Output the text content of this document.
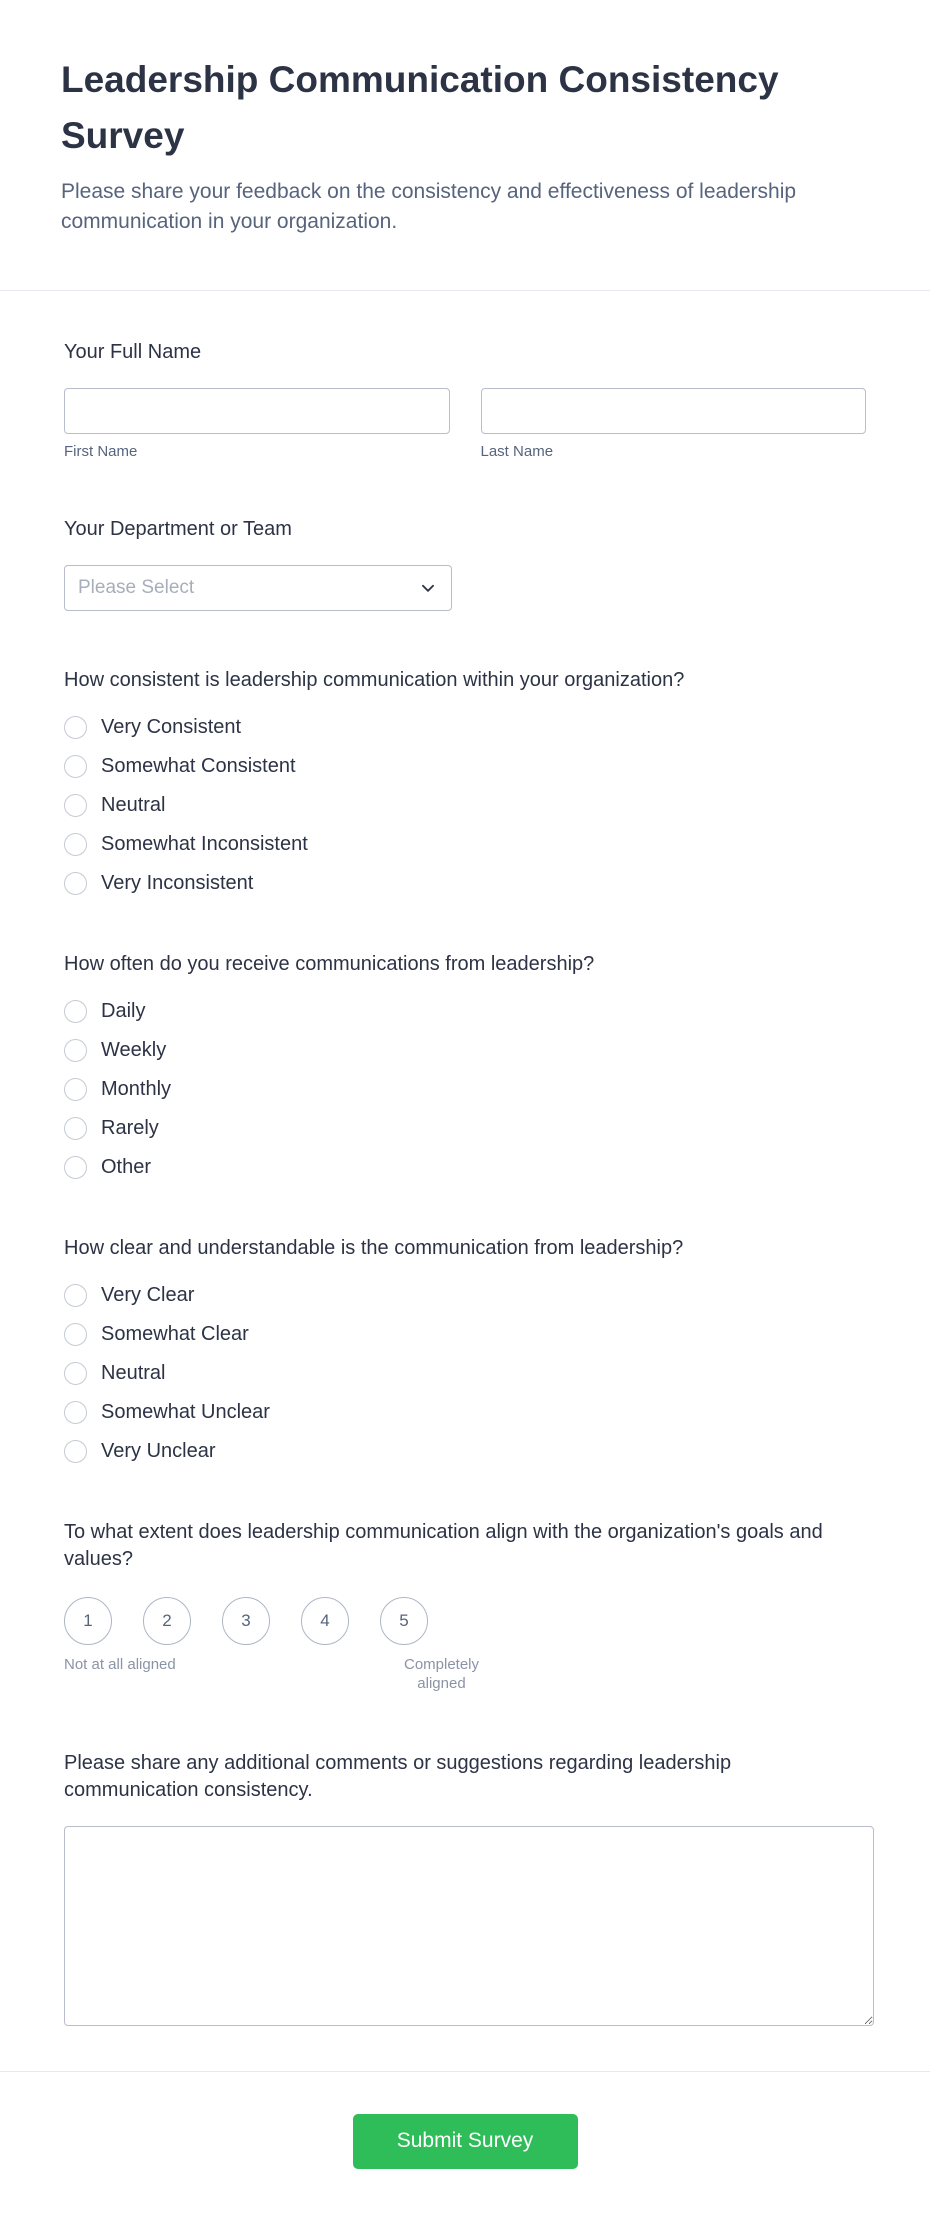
Leadership Communication Consistency Survey

Please share your feedback on the consistency and effectiveness of leadership communication in your organization.

Your Full Name
First Name	Last Name
Your Department or Team
Please Select
How consistent is leadership communication within your organization?
Very Consistent
Somewhat Consistent
Neutral
Somewhat Inconsistent
Very Inconsistent
How often do you receive communications from leadership?
Daily
Weekly
Monthly
Rarely
Other
How clear and understandable is the communication from leadership?
Very Clear
Somewhat Clear
Neutral
Somewhat Unclear
Very Unclear
To what extent does leadership communication align with the organization's goals and values?
1	2	3	4	5
Not at all aligned	Completely aligned
Please share any additional comments or suggestions regarding leadership communication consistency.
Submit Survey
